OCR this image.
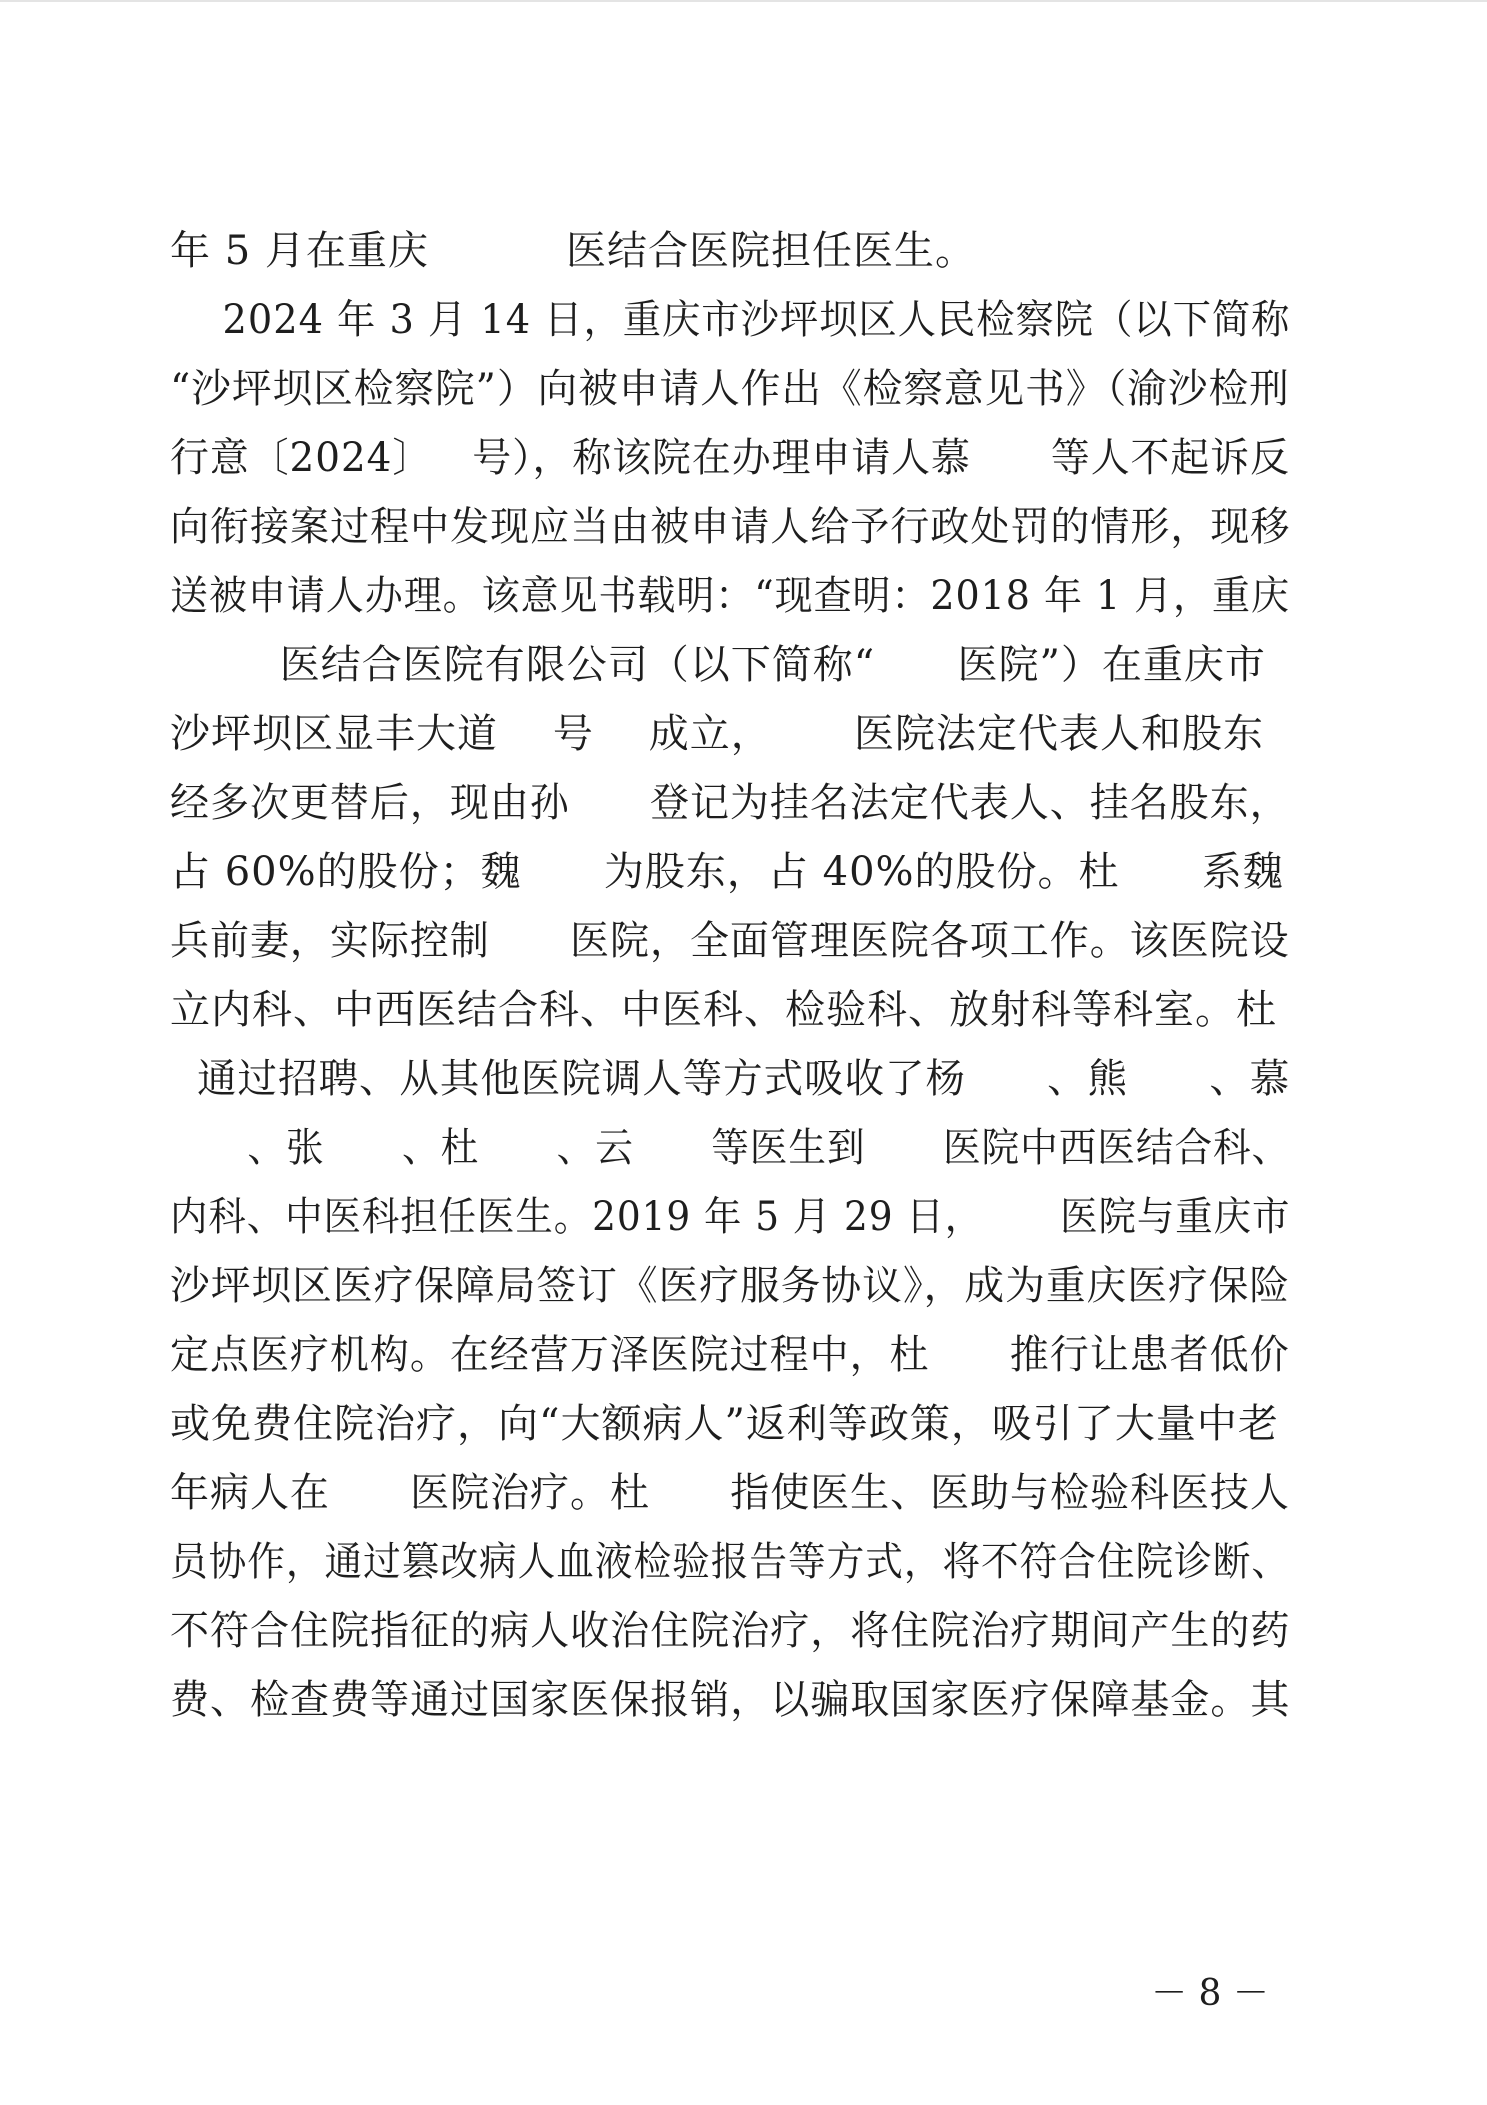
年 5 月在重庆          医结合医院担任医生。
2024 年 3 月 14 日，重庆市沙坪坝区人民检察院（以下简称
“沙坪坝区检察院”）向被申请人作出《检察意见书》（渝沙检刑
行意〔2024〕   号），称该院在办理申请人慕      等人不起诉反
向衔接案过程中发现应当由被申请人给予行政处罚的情形，现移
送被申请人办理。该意见书载明：“现查明：2018 年 1 月，重庆
医结合医院有限公司（以下简称“      医院”）在重庆市
沙坪坝区显丰大道    号    成立，      医院法定代表人和股东
经多次更替后，现由孙      登记为挂名法定代表人、挂名股东，
占 60%的股份；魏      为股东，占 40%的股份。杜      系魏
兵前妻，实际控制      医院，全面管理医院各项工作。该医院设
立内科、中西医结合科、中医科、检验科、放射科等科室。杜
通过招聘、从其他医院调人等方式吸收了杨      、熊      、慕
、张      、杜      、云      等医生到      医院中西医结合科、
内科、中医科担任医生。2019 年 5 月 29 日，      医院与重庆市
沙坪坝区医疗保障局签订《医疗服务协议》，成为重庆医疗保险
定点医疗机构。在经营万泽医院过程中，杜      推行让患者低价
或免费住院治疗，向“大额病人”返利等政策，吸引了大量中老
年病人在      医院治疗。杜      指使医生、医助与检验科医技人
员协作，通过篡改病人血液检验报告等方式，将不符合住院诊断、
不符合住院指征的病人收治住院治疗，将住院治疗期间产生的药
费、检查费等通过国家医保报销，以骗取国家医疗保障基金。其
－ 8 －
